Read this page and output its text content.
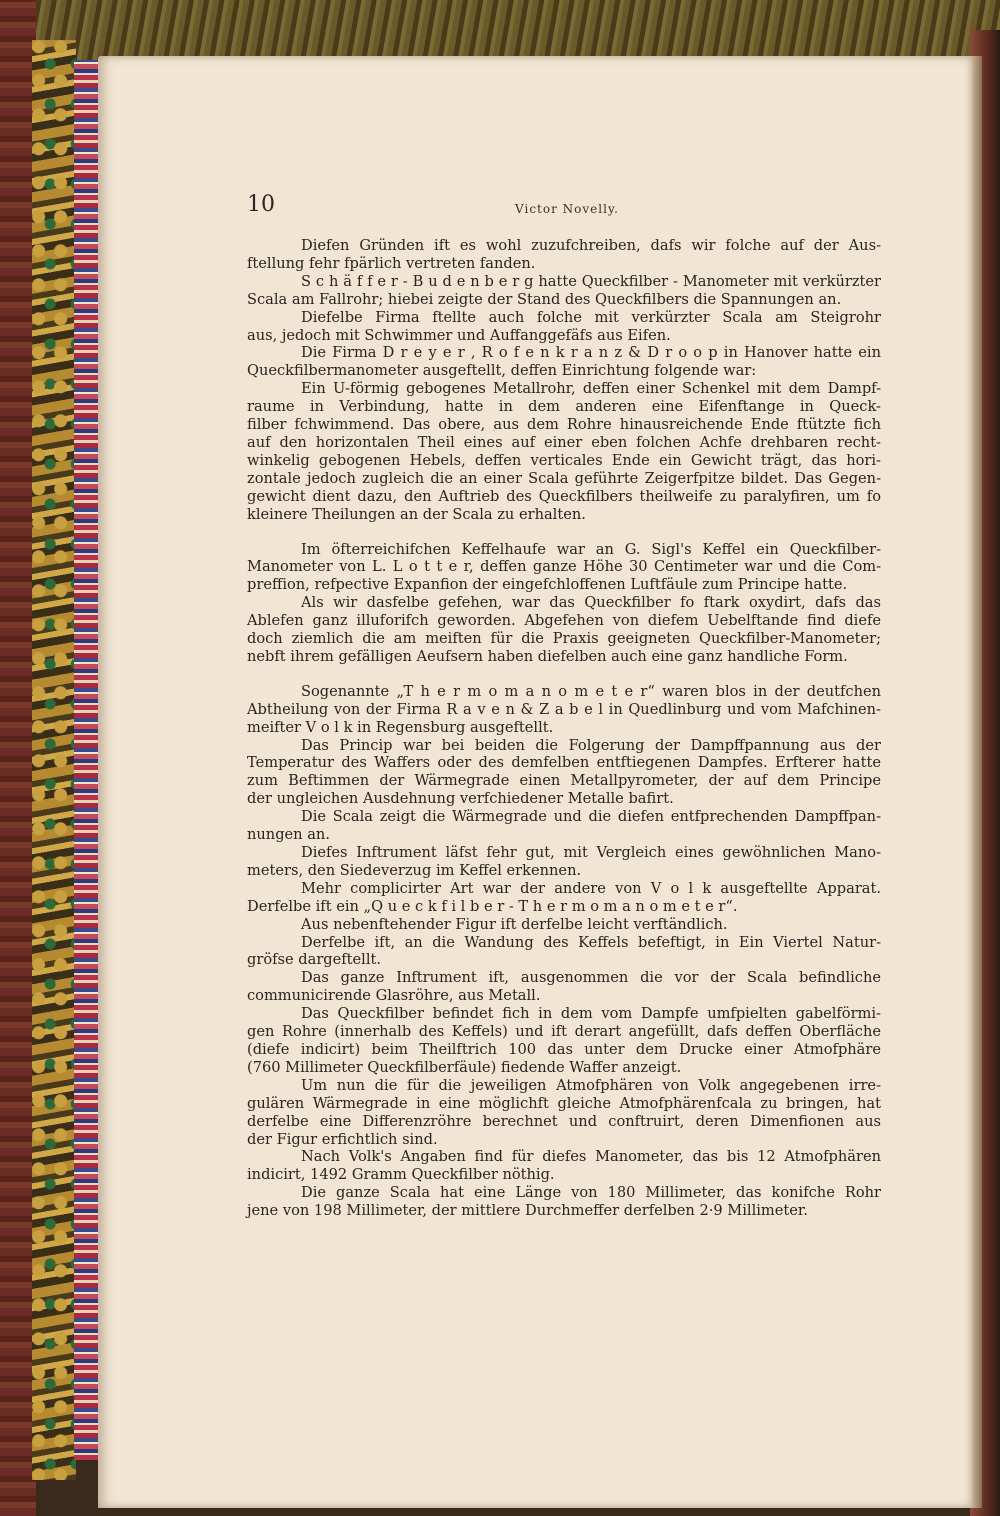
10	Victor Novelly.
Diefen Gründen ift es wohl zuzufchreiben, dafs wir folche auf der Aus-
ftellung fehr fpärlich vertreten fanden.
S c h ä f f e r - B u d e n b e r g hatte Queckfilber - Manometer mit verkürzter
Scala am Fallrohr; hiebei zeigte der Stand des Queckfilbers die Spannungen an.
Diefelbe Firma ftellte auch folche mit verkürzter Scala am Steigrohr
aus, jedoch mit Schwimmer und Auffanggefäfs aus Eifen.
Die Firma D r e y e r , R o f e n k r a n z & D r o o p in Hanover hatte ein
Queckfilbermanometer ausgeftellt, deffen Einrichtung folgende war:
Ein U-förmig gebogenes Metallrohr, deffen einer Schenkel mit dem Dampf-
raume in Verbindung, hatte in dem anderen eine Eifenftange in Queck-
filber fchwimmend. Das obere, aus dem Rohre hinausreichende Ende ftützte fich
auf den horizontalen Theil eines auf einer eben folchen Achfe drehbaren recht-
winkelig gebogenen Hebels, deffen verticales Ende ein Gewicht trägt, das hori-
zontale jedoch zugleich die an einer Scala geführte Zeigerfpitze bildet. Das Gegen-
gewicht dient dazu, den Auftrieb des Queckfilbers theilweife zu paralyfiren, um fo
kleinere Theilungen an der Scala zu erhalten.
Im öfterreichifchen Keffelhaufe war an G. Sigl's Keffel ein Queckfilber-
Manometer von L. L o t t e r, deffen ganze Höhe 30 Centimeter war und die Com-
preffion, refpective Expanfion der eingefchloffenen Luftfäule zum Principe hatte.
Als wir dasfelbe gefehen, war das Queckfilber fo ftark oxydirt, dafs das
Ablefen ganz illuforifch geworden. Abgefehen von diefem Uebelftande find diefe
doch ziemlich die am meiften für die Praxis geeigneten Queckfilber-Manometer;
nebft ihrem gefälligen Aeufsern haben diefelben auch eine ganz handliche Form.
Sogenannte „T h e r m o m a n o m e t e r“ waren blos in der deutfchen
Abtheilung von der Firma R a v e n & Z a b e l in Quedlinburg und vom Mafchinen-
meifter V o l k in Regensburg ausgeftellt.
Das Princip war bei beiden die Folgerung der Dampffpannung aus der
Temperatur des Waffers oder des demfelben entftiegenen Dampfes. Erfterer hatte
zum Beftimmen der Wärmegrade einen Metallpyrometer, der auf dem Principe
der ungleichen Ausdehnung verfchiedener Metalle bafirt.
Die Scala zeigt die Wärmegrade und die diefen entfprechenden Dampffpan-
nungen an.
Diefes Inftrument läfst fehr gut, mit Vergleich eines gewöhnlichen Mano-
meters, den Siedeverzug im Keffel erkennen.
Mehr complicirter Art war der andere von V o l k ausgeftellte Apparat.
Derfelbe ift ein „Q u e c k f i l b e r - T h e r m o m a n o m e t e r“.
Aus nebenftehender Figur ift derfelbe leicht verftändlich.
Derfelbe ift, an die Wandung des Keffels befeftigt, in Ein Viertel Natur-
gröfse dargeftellt.
Das ganze Inftrument ift, ausgenommen die vor der Scala befindliche
communicirende Glasröhre, aus Metall.
Das Queckfilber befindet fich in dem vom Dampfe umfpielten gabelförmi-
gen Rohre (innerhalb des Keffels) und ift derart angefüllt, dafs deffen Oberfläche
(diefe indicirt) beim Theilftrich 100 das unter dem Drucke einer Atmofphäre
(760 Millimeter Queckfilberfäule) fiedende Waffer anzeigt.
Um nun die für die jeweiligen Atmofphären von Volk angegebenen irre-
gulären Wärmegrade in eine möglichft gleiche Atmofphärenfcala zu bringen, hat
derfelbe eine Differenzröhre berechnet und conftruirt, deren Dimenfionen aus
der Figur erfichtlich sind.
Nach Volk's Angaben find für diefes Manometer, das bis 12 Atmofphären
indicirt, 1492 Gramm Queckfilber nöthig.
Die ganze Scala hat eine Länge von 180 Millimeter, das konifche Rohr
jene von 198 Millimeter, der mittlere Durchmeffer derfelben 2·9 Millimeter.
